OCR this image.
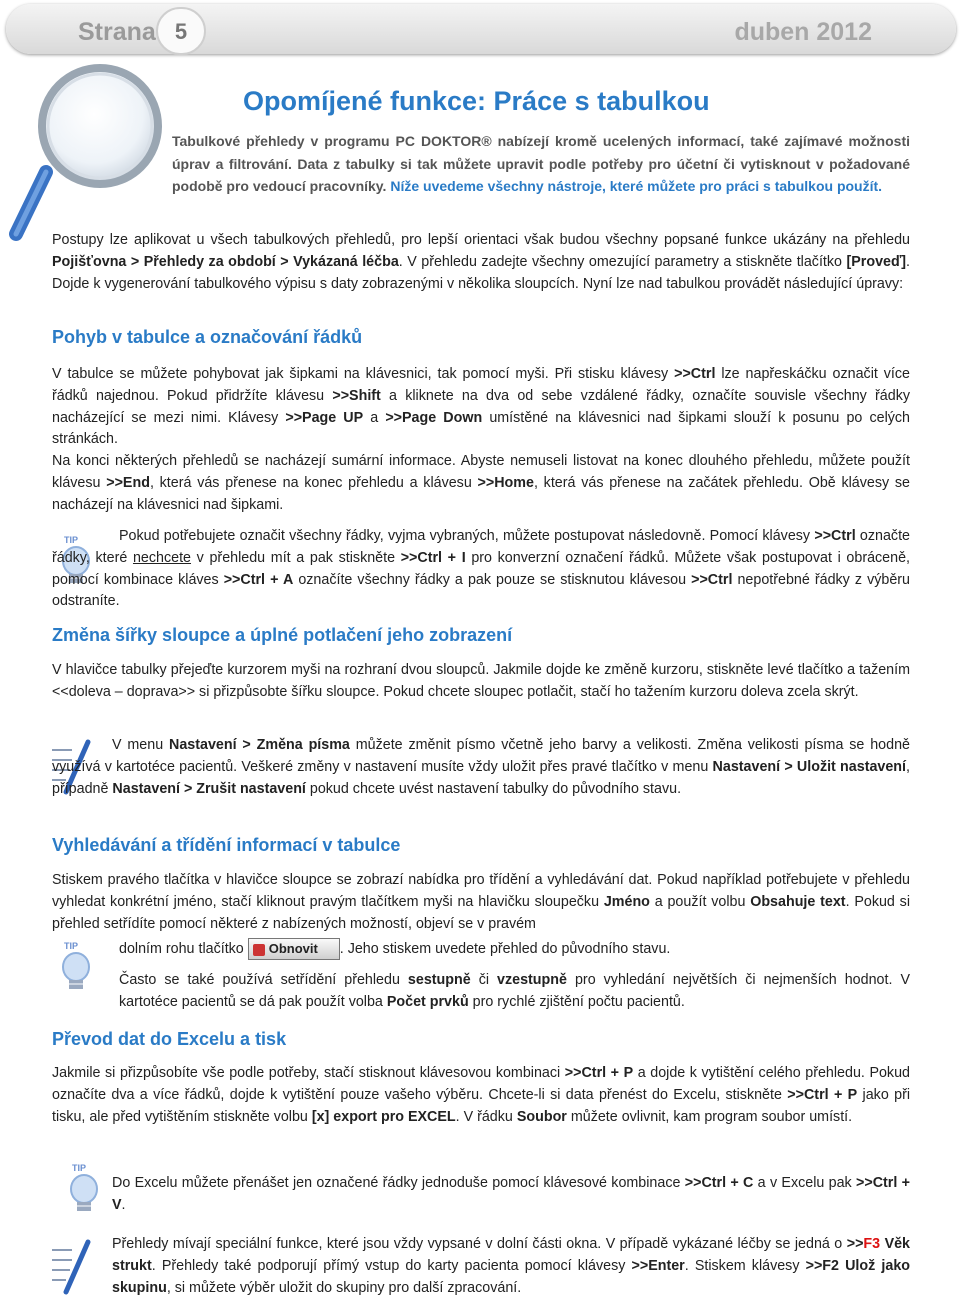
Strana 5	duben 2012
Opomíjené funkce: Práce s tabulkou
Tabulkové přehledy v programu PC DOKTOR® nabízejí kromě ucelených informací, také zajímavé možnosti úprav a filtrování. Data z tabulky si tak můžete upravit podle potřeby pro účetní či vytisknout v požadované podobě pro vedoucí pracovníky. Níže uvedeme všechny nástroje, které můžete pro práci s tabulkou použít.
Postupy lze aplikovat u všech tabulkových přehledů, pro lepší orientaci však budou všechny popsané funkce ukázány na přehledu Pojišťovna > Přehledy za období > Vykázaná léčba. V přehledu zadejte všechny omezující parametry a stiskněte tlačítko [Proveď]. Dojde k vygenerování tabulkového výpisu s daty zobrazenými v několika sloupcích. Nyní lze nad tabulkou provádět následující úpravy:
Pohyb v tabulce a označování řádků
V tabulce se můžete pohybovat jak šipkami na klávesnici, tak pomocí myši. Při stisku klávesy >>Ctrl lze napřeskáčku označit více řádků najednou. Pokud přidržíte klávesu >>Shift a kliknete na dva od sebe vzdálené řádky, označíte souvisle všechny řádky nacházející se mezi nimi. Klávesy >>Page UP a >>Page Down umístěné na klávesnici nad šipkami slouží k posunu po celých stránkách.
Na konci některých přehledů se nacházejí sumární informace. Abyste nemuseli listovat na konec dlouhého přehledu, můžete použít klávesu >>End, která vás přenese na konec přehledu a klávesu >>Home, která vás přenese na začátek přehledu. Obě klávesy se nacházejí na klávesnici nad šipkami.
TIP	Pokud potřebujete označit všechny řádky, vyjma vybraných, můžete postupovat následovně. Pomocí klávesy >>Ctrl označte řádky, které nechcete v přehledu mít a pak stiskněte >>Ctrl + I pro konverzní označení řádků. Můžete však postupovat i obráceně, pomocí kombinace kláves >>Ctrl + A označíte všechny řádky a pak pouze se stisknutou klávesou >>Ctrl nepotřebné řádky z výběru odstraníte.
Změna šířky sloupce a úplné potlačení jeho zobrazení
V hlavičce tabulky přejeďte kurzorem myši na rozhraní dvou sloupců. Jakmile dojde ke změně kurzoru, stiskněte levé tlačítko a tažením <<doleva – doprava>> si přizpůsobte šířku sloupce. Pokud chcete sloupec potlačit, stačí ho tažením kurzoru doleva zcela skrýt.
V menu Nastavení > Změna písma můžete změnit písmo včetně jeho barvy a velikosti. Změna velikosti písma se hodně využívá v kartotéce pacientů. Veškeré změny v nastavení musíte vždy uložit přes pravé tlačítko v menu Nastavení > Uložit nastavení, případně Nastavení > Zrušit nastavení pokud chcete uvést nastavení tabulky do původního stavu.
Vyhledávání a třídění informací v tabulce
Stiskem pravého tlačítka v hlavičce sloupce se zobrazí nabídka pro třídění a vyhledávání dat. Pokud například potřebujete v přehledu vyhledat konkrétní jméno, stačí kliknout pravým tlačítkem myši na hlavičku sloupečku Jméno a použít volbu Obsahuje text. Pokud si přehled setřídíte pomocí některé z nabízených možností, objeví se v pravém
TIP	dolním rohu tlačítko Obnovit . Jeho stiskem uvedete přehled do původního stavu.
Často se také používá setřídění přehledu sestupně či vzestupně pro vyhledání největších či nejmenších hodnot. V kartotéce pacientů se dá pak použít volba Počet prvků pro rychlé zjištění počtu pacientů.
Převod dat do Excelu a tisk
Jakmile si přizpůsobíte vše podle potřeby, stačí stisknout klávesovou kombinaci >>Ctrl + P a dojde k vytištění celého přehledu. Pokud označíte dva a více řádků, dojde k vytištění pouze vašeho výběru. Chcete-li si data přenést do Excelu, stiskněte >>Ctrl + P jako při tisku, ale před vytištěním stiskněte volbu [x] export pro EXCEL. V řádku Soubor můžete ovlivnit, kam program soubor umístí.
TIP
Do Excelu můžete přenášet jen označené řádky jednoduše pomocí klávesové kombinace >>Ctrl + C a v Excelu pak >>Ctrl + V.
Přehledy mívají speciální funkce, které jsou vždy vypsané v dolní části okna. V případě vykázané léčby se jedná o >>F3 Věk strukt. Přehledy také podporují přímý vstup do karty pacienta pomocí klávesy >>Enter. Stiskem klávesy >>F2 Ulož jako skupinu, si můžete výběr uložit do skupiny pro další zpracování.
